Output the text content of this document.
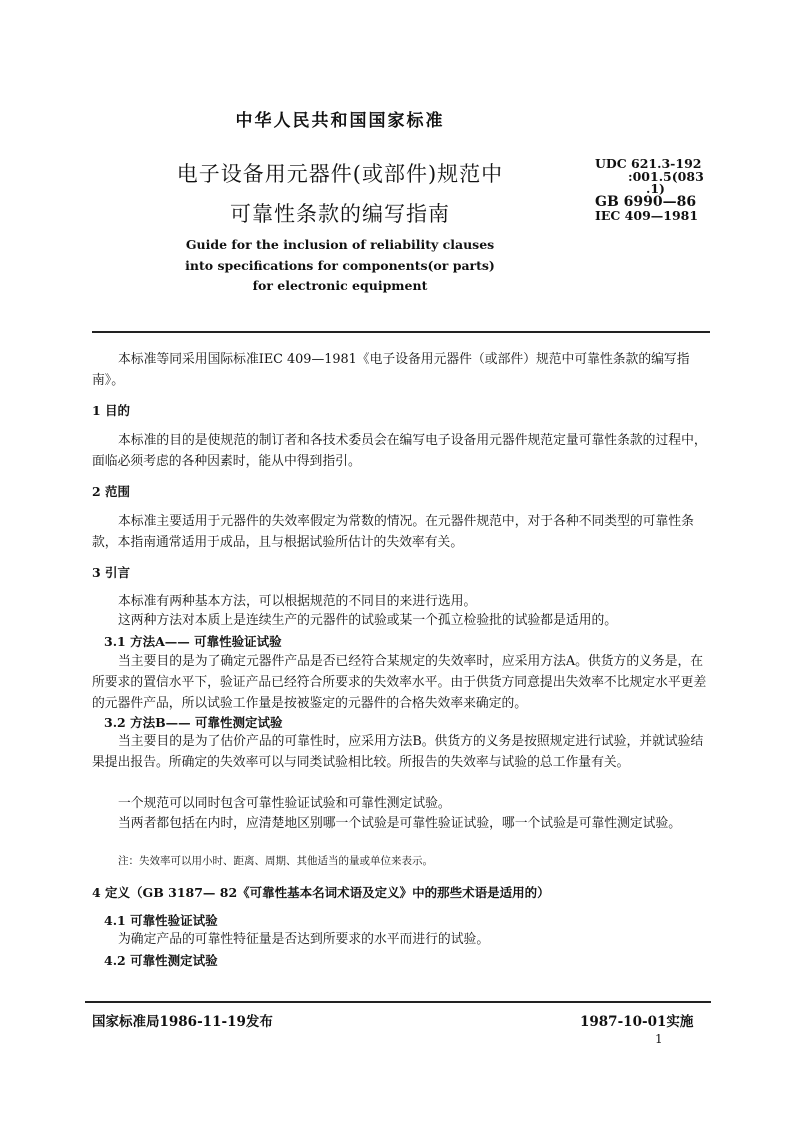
中华人民共和国国家标准
电子设备用元器件(或部件)规范中
可靠性条款的编写指南
UDC 621.3-192
:001.5(083
.1)
GB 6990—86
IEC 409—1981
Guide for the inclusion of reliability clauses
into specifications for components(or parts)
for electronic equipment
本标准等同采用国际标准IEC 409—1981《电子设备用元器件（或部件）规范中可靠性条款的编写指南》。
1 目的
本标准的目的是使规范的制订者和各技术委员会在编写电子设备用元器件规范定量可靠性条款的过程中，面临必须考虑的各种因素时，能从中得到指引。
2 范围
本标准主要适用于元器件的失效率假定为常数的情况。在元器件规范中，对于各种不同类型的可靠性条款，本指南通常适用于成品，且与根据试验所估计的失效率有关。
3 引言
本标准有两种基本方法，可以根据规范的不同目的来进行选用。
这两种方法对本质上是连续生产的元器件的试验或某一个孤立检验批的试验都是适用的。
3.1 方法A—— 可靠性验证试验
当主要目的是为了确定元器件产品是否已经符合某规定的失效率时，应采用方法A。供货方的义务是，在所要求的置信水平下，验证产品已经符合所要求的失效率水平。由于供货方同意提出失效率不比规定水平更差的元器件产品，所以试验工作量是按被鉴定的元器件的合格失效率来确定的。
3.2 方法B—— 可靠性测定试验
当主要目的是为了估价产品的可靠性时，应采用方法B。供货方的义务是按照规定进行试验，并就试验结果提出报告。所确定的失效率可以与同类试验相比较。所报告的失效率与试验的总工作量有关。
一个规范可以同时包含可靠性验证试验和可靠性测定试验。
当两者都包括在内时，应清楚地区别哪一个试验是可靠性验证试验，哪一个试验是可靠性测定试验。
注：失效率可以用小时、距离、周期、其他适当的量或单位来表示。
4 定义（GB 3187— 82《可靠性基本名词术语及定义》中的那些术语是适用的）
4.1 可靠性验证试验
为确定产品的可靠性特征量是否达到所要求的水平而进行的试验。
4.2 可靠性测定试验
国家标准局1986-11-19发布	1987-10-01实施
1
